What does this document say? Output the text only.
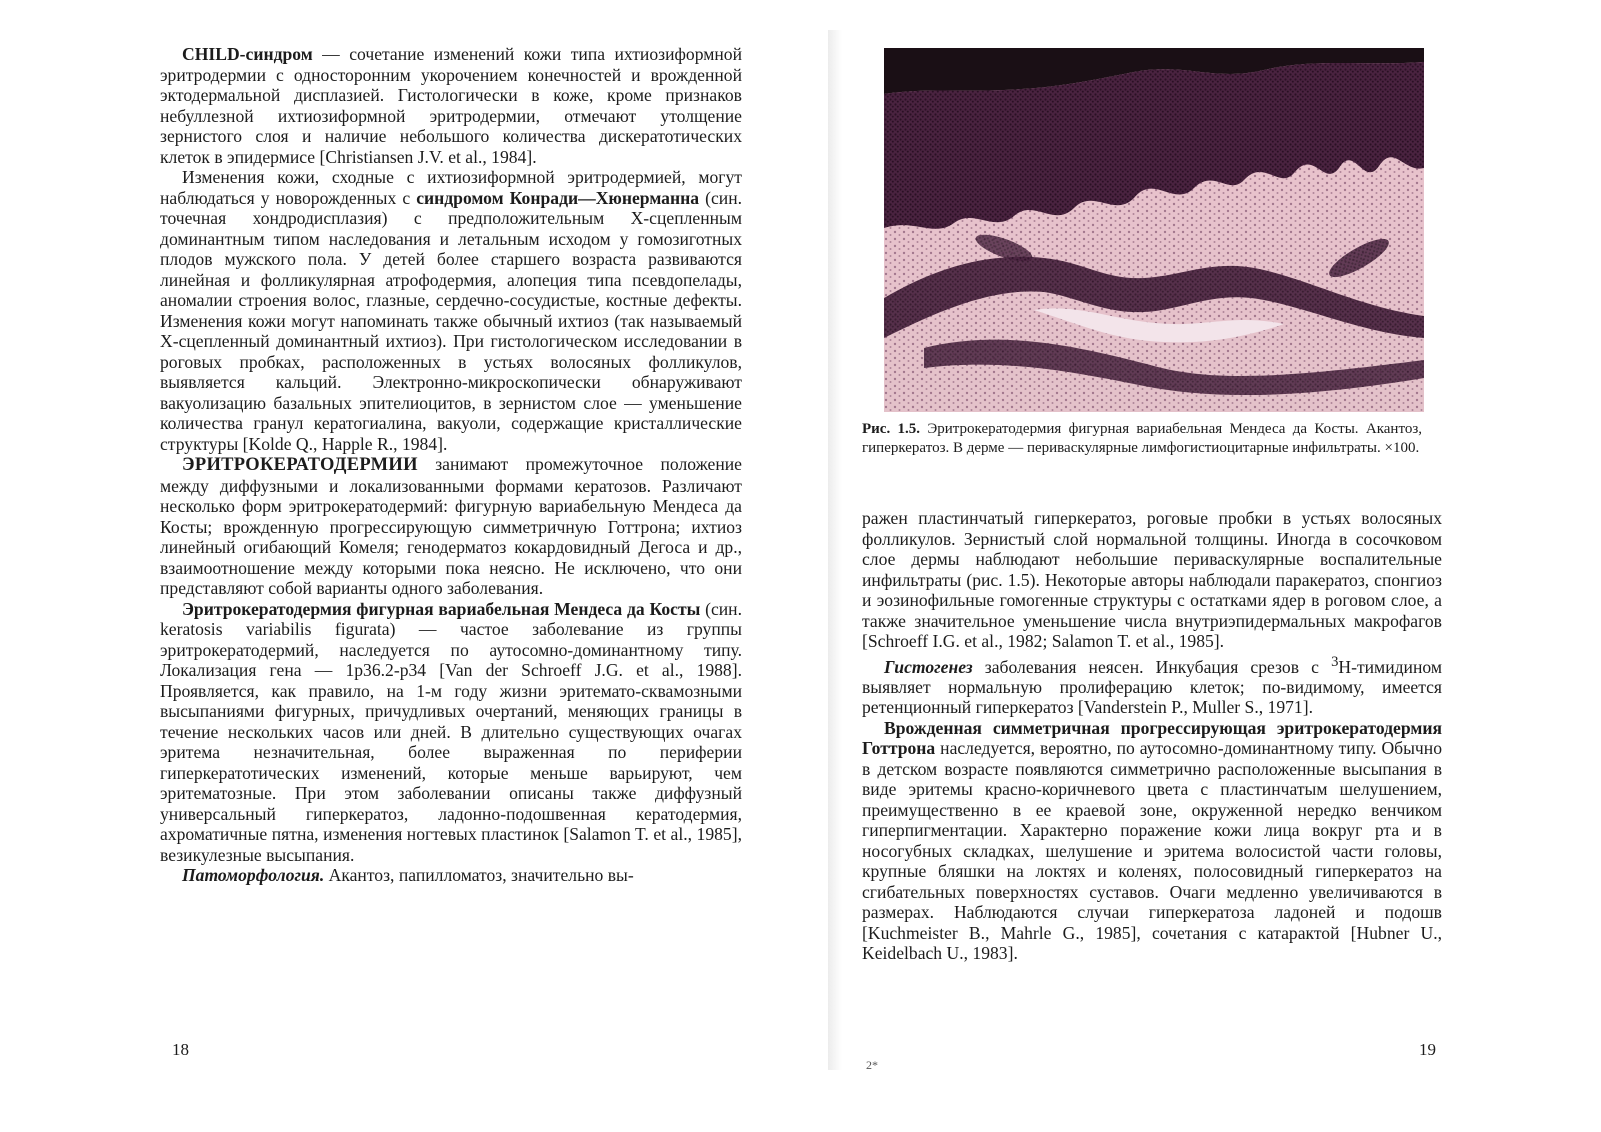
CHILD-синдром — сочетание изменений кожи типа ихтиозиформной эритродермии с односторонним укорочением конечностей и врожденной эктодермальной дисплазией. Гистологически в коже, кроме признаков небуллезной ихтиозиформной эритродермии, отмечают утолщение зернистого слоя и наличие небольшого количества дискератотических клеток в эпидермисе [Christiansen J.V. et al., 1984].

Изменения кожи, сходные с ихтиозиформной эритродермией, могут наблюдаться у новорожденных с синдромом Конради—Хюнерманна (син. точечная хондродисплазия) с предположительным Х-сцепленным доминантным типом наследования и летальным исходом у гомозиготных плодов мужского пола. У детей более старшего возраста развиваются линейная и фолликулярная атрофодермия, алопеция типа псевдопелады, аномалии строения волос, глазные, сердечно-сосудистые, костные дефекты. Изменения кожи могут напоминать также обычный ихтиоз (так называемый Х-сцепленный доминантный ихтиоз). При гистологическом исследовании в роговых пробках, расположенных в устьях волосяных фолликулов, выявляется кальций. Электронно-микроскопически обнаруживают вакуолизацию базальных эпителиоцитов, в зернистом слое — уменьшение количества гранул кератогиалина, вакуоли, содержащие кристаллические структуры [Kolde Q., Happle R., 1984].

ЭРИТРОКЕРАТОДЕРМИИ занимают промежуточное положение между диффузными и локализованными формами кератозов. Различают несколько форм эритрокератодермий: фигурную вариабельную Мендеса да Косты; врожденную прогрессирующую симметричную Готтрона; ихтиоз линейный огибающий Комеля; генодерматоз кокардовидный Дегоса и др., взаимоотношение между которыми пока неясно. Не исключено, что они представляют собой варианты одного заболевания.

Эритрокератодермия фигурная вариабельная Мендеса да Косты (син. keratosis variabilis figurata) — частое заболевание из группы эритрокератодермий, наследуется по аутосомно-доминантному типу. Локализация гена — 1p36.2-p34 [Van der Schroeff J.G. et al., 1988]. Проявляется, как правило, на 1-м году жизни эритемато-сквамозными высыпаниями фигурных, причудливых очертаний, меняющих границы в течение нескольких часов или дней. В длительно существующих очагах эритема незначительная, более выраженная по периферии гиперкератотических изменений, которые меньше варьируют, чем эритематозные. При этом заболевании описаны также диффузный универсальный гиперкератоз, ладонно-подошвенная кератодермия, ахроматичные пятна, изменения ногтевых пластинок [Salamon T. et al., 1985], везикулезные высыпания.

Патоморфология. Акантоз, папилломатоз, значительно вы-

18
Рис. 1.5. Эритрокератодермия фигурная вариабельная Мендеса да Косты. Акантоз, гиперкератоз. В дерме — периваскулярные лимфогистиоцитарные инфильтраты. ×100.

ражен пластинчатый гиперкератоз, роговые пробки в устьях волосяных фолликулов. Зернистый слой нормальной толщины. Иногда в сосочковом слое дермы наблюдают небольшие периваскулярные воспалительные инфильтраты (рис. 1.5). Некоторые авторы наблюдали паракератоз, спонгиоз и эозинофильные гомогенные структуры с остатками ядер в роговом слое, а также значительное уменьшение числа внутриэпидермальных макрофагов [Schroeff I.G. et al., 1982; Salamon T. et al., 1985].

Гистогенез заболевания неясен. Инкубация срезов с $^3$Н-тимидином выявляет нормальную пролиферацию клеток; по-видимому, имеется ретенционный гиперкератоз [Vanderstein P., Muller S., 1971].

Врожденная симметричная прогрессирующая эритрокератодермия Готтрона наследуется, вероятно, по аутосомно-доминантному типу. Обычно в детском возрасте появляются симметрично расположенные высыпания в виде эритемы красно-коричневого цвета с пластинчатым шелушением, преимущественно в ее краевой зоне, окруженной нередко венчиком гиперпигментации. Характерно поражение кожи лица вокруг рта и в носогубных складках, шелушение и эритема волосистой части головы, крупные бляшки на локтях и коленях, полосовидный гиперкератоз на сгибательных поверхностях суставов. Очаги медленно увеличиваются в размерах. Наблюдаются случаи гиперкератоза ладоней и подошв [Kuchmeister B., Mahrle G., 1985], сочетания с катарактой [Hubner U., Keidelbach U., 1983].

19
2*
